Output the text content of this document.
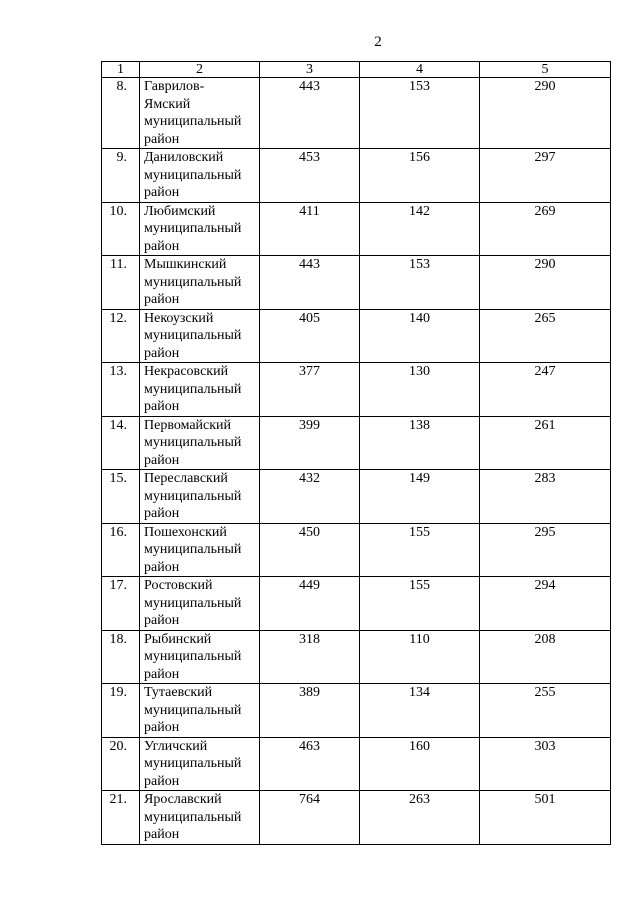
2
1	2	3	4	5
8.	Гаврилов-
Ямский
муниципальный
район	443	153	290
9.	Даниловский
муниципальный
район	453	156	297
10.	Любимский
муниципальный
район	411	142	269
11.	Мышкинский
муниципальный
район	443	153	290
12.	Некоузский
муниципальный
район	405	140	265
13.	Некрасовский
муниципальный
район	377	130	247
14.	Первомайский
муниципальный
район	399	138	261
15.	Переславский
муниципальный
район	432	149	283
16.	Пошехонский
муниципальный
район	450	155	295
17.	Ростовский
муниципальный
район	449	155	294
18.	Рыбинский
муниципальный
район	318	110	208
19.	Тутаевский
муниципальный
район	389	134	255
20.	Угличский
муниципальный
район	463	160	303
21.	Ярославский
муниципальный
район	764	263	501
